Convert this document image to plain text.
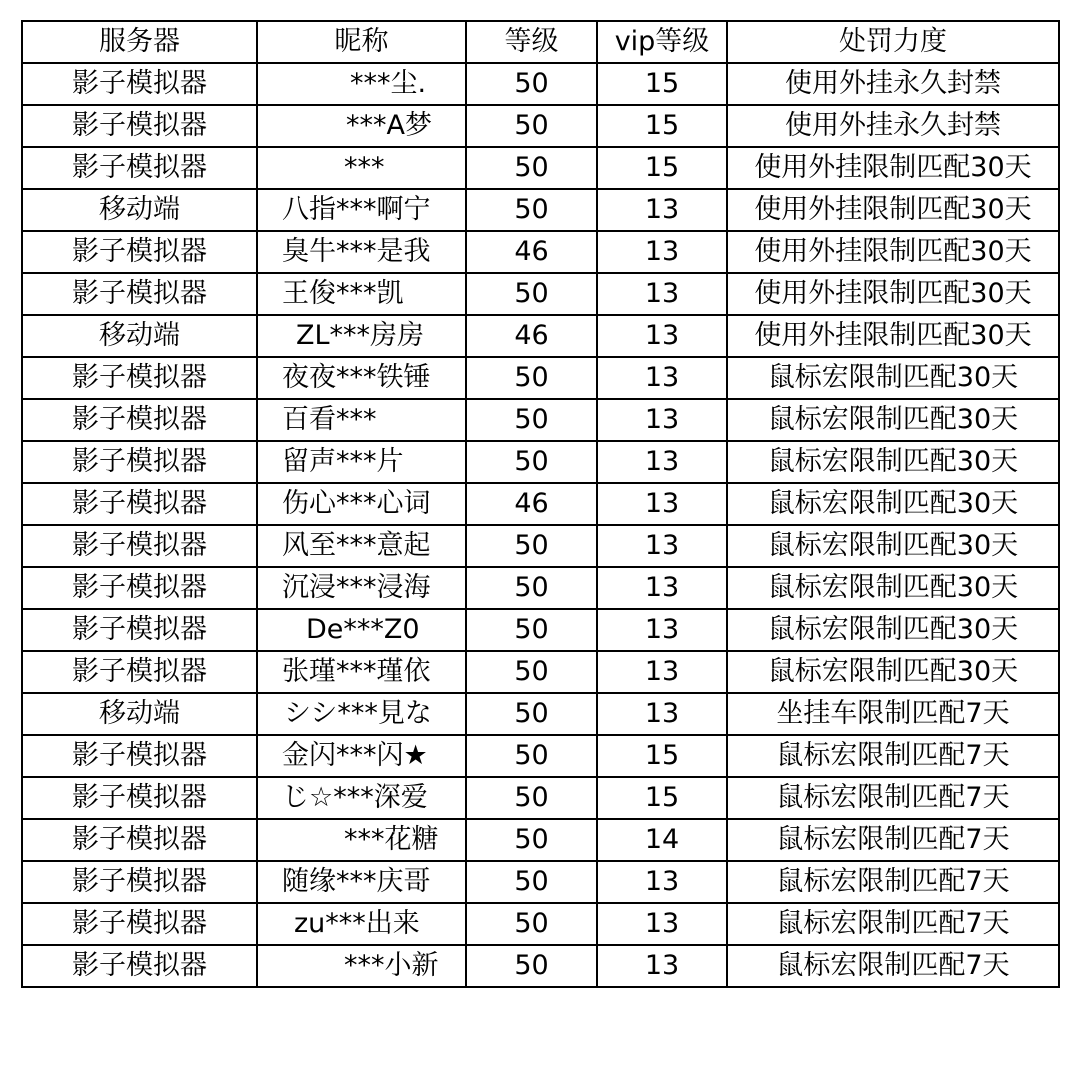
服务器	昵称	等级	vip等级	处罚力度
影子模拟器	***尘.	50	15	使用外挂永久封禁
影子模拟器	***A梦	50	15	使用外挂永久封禁
影子模拟器	***	50	15	使用外挂限制匹配30天
移动端	八指***啊宁	50	13	使用外挂限制匹配30天
影子模拟器	臭牛***是我	46	13	使用外挂限制匹配30天
影子模拟器	王俊***凯	50	13	使用外挂限制匹配30天
移动端	ZL***房房	46	13	使用外挂限制匹配30天
影子模拟器	夜夜***铁锤	50	13	鼠标宏限制匹配30天
影子模拟器	百看***	50	13	鼠标宏限制匹配30天
影子模拟器	留声***片	50	13	鼠标宏限制匹配30天
影子模拟器	伤心***心词	46	13	鼠标宏限制匹配30天
影子模拟器	风至***意起	50	13	鼠标宏限制匹配30天
影子模拟器	沉浸***浸海	50	13	鼠标宏限制匹配30天
影子模拟器	De***Z0	50	13	鼠标宏限制匹配30天
影子模拟器	张瑾***瑾依	50	13	鼠标宏限制匹配30天
移动端	シシ***見な	50	13	坐挂车限制匹配7天
影子模拟器	金闪***闪★	50	15	鼠标宏限制匹配7天
影子模拟器	じ☆***深爱	50	15	鼠标宏限制匹配7天
影子模拟器	***花糖	50	14	鼠标宏限制匹配7天
影子模拟器	随缘***庆哥	50	13	鼠标宏限制匹配7天
影子模拟器	zu***出来	50	13	鼠标宏限制匹配7天
影子模拟器	***小新	50	13	鼠标宏限制匹配7天
